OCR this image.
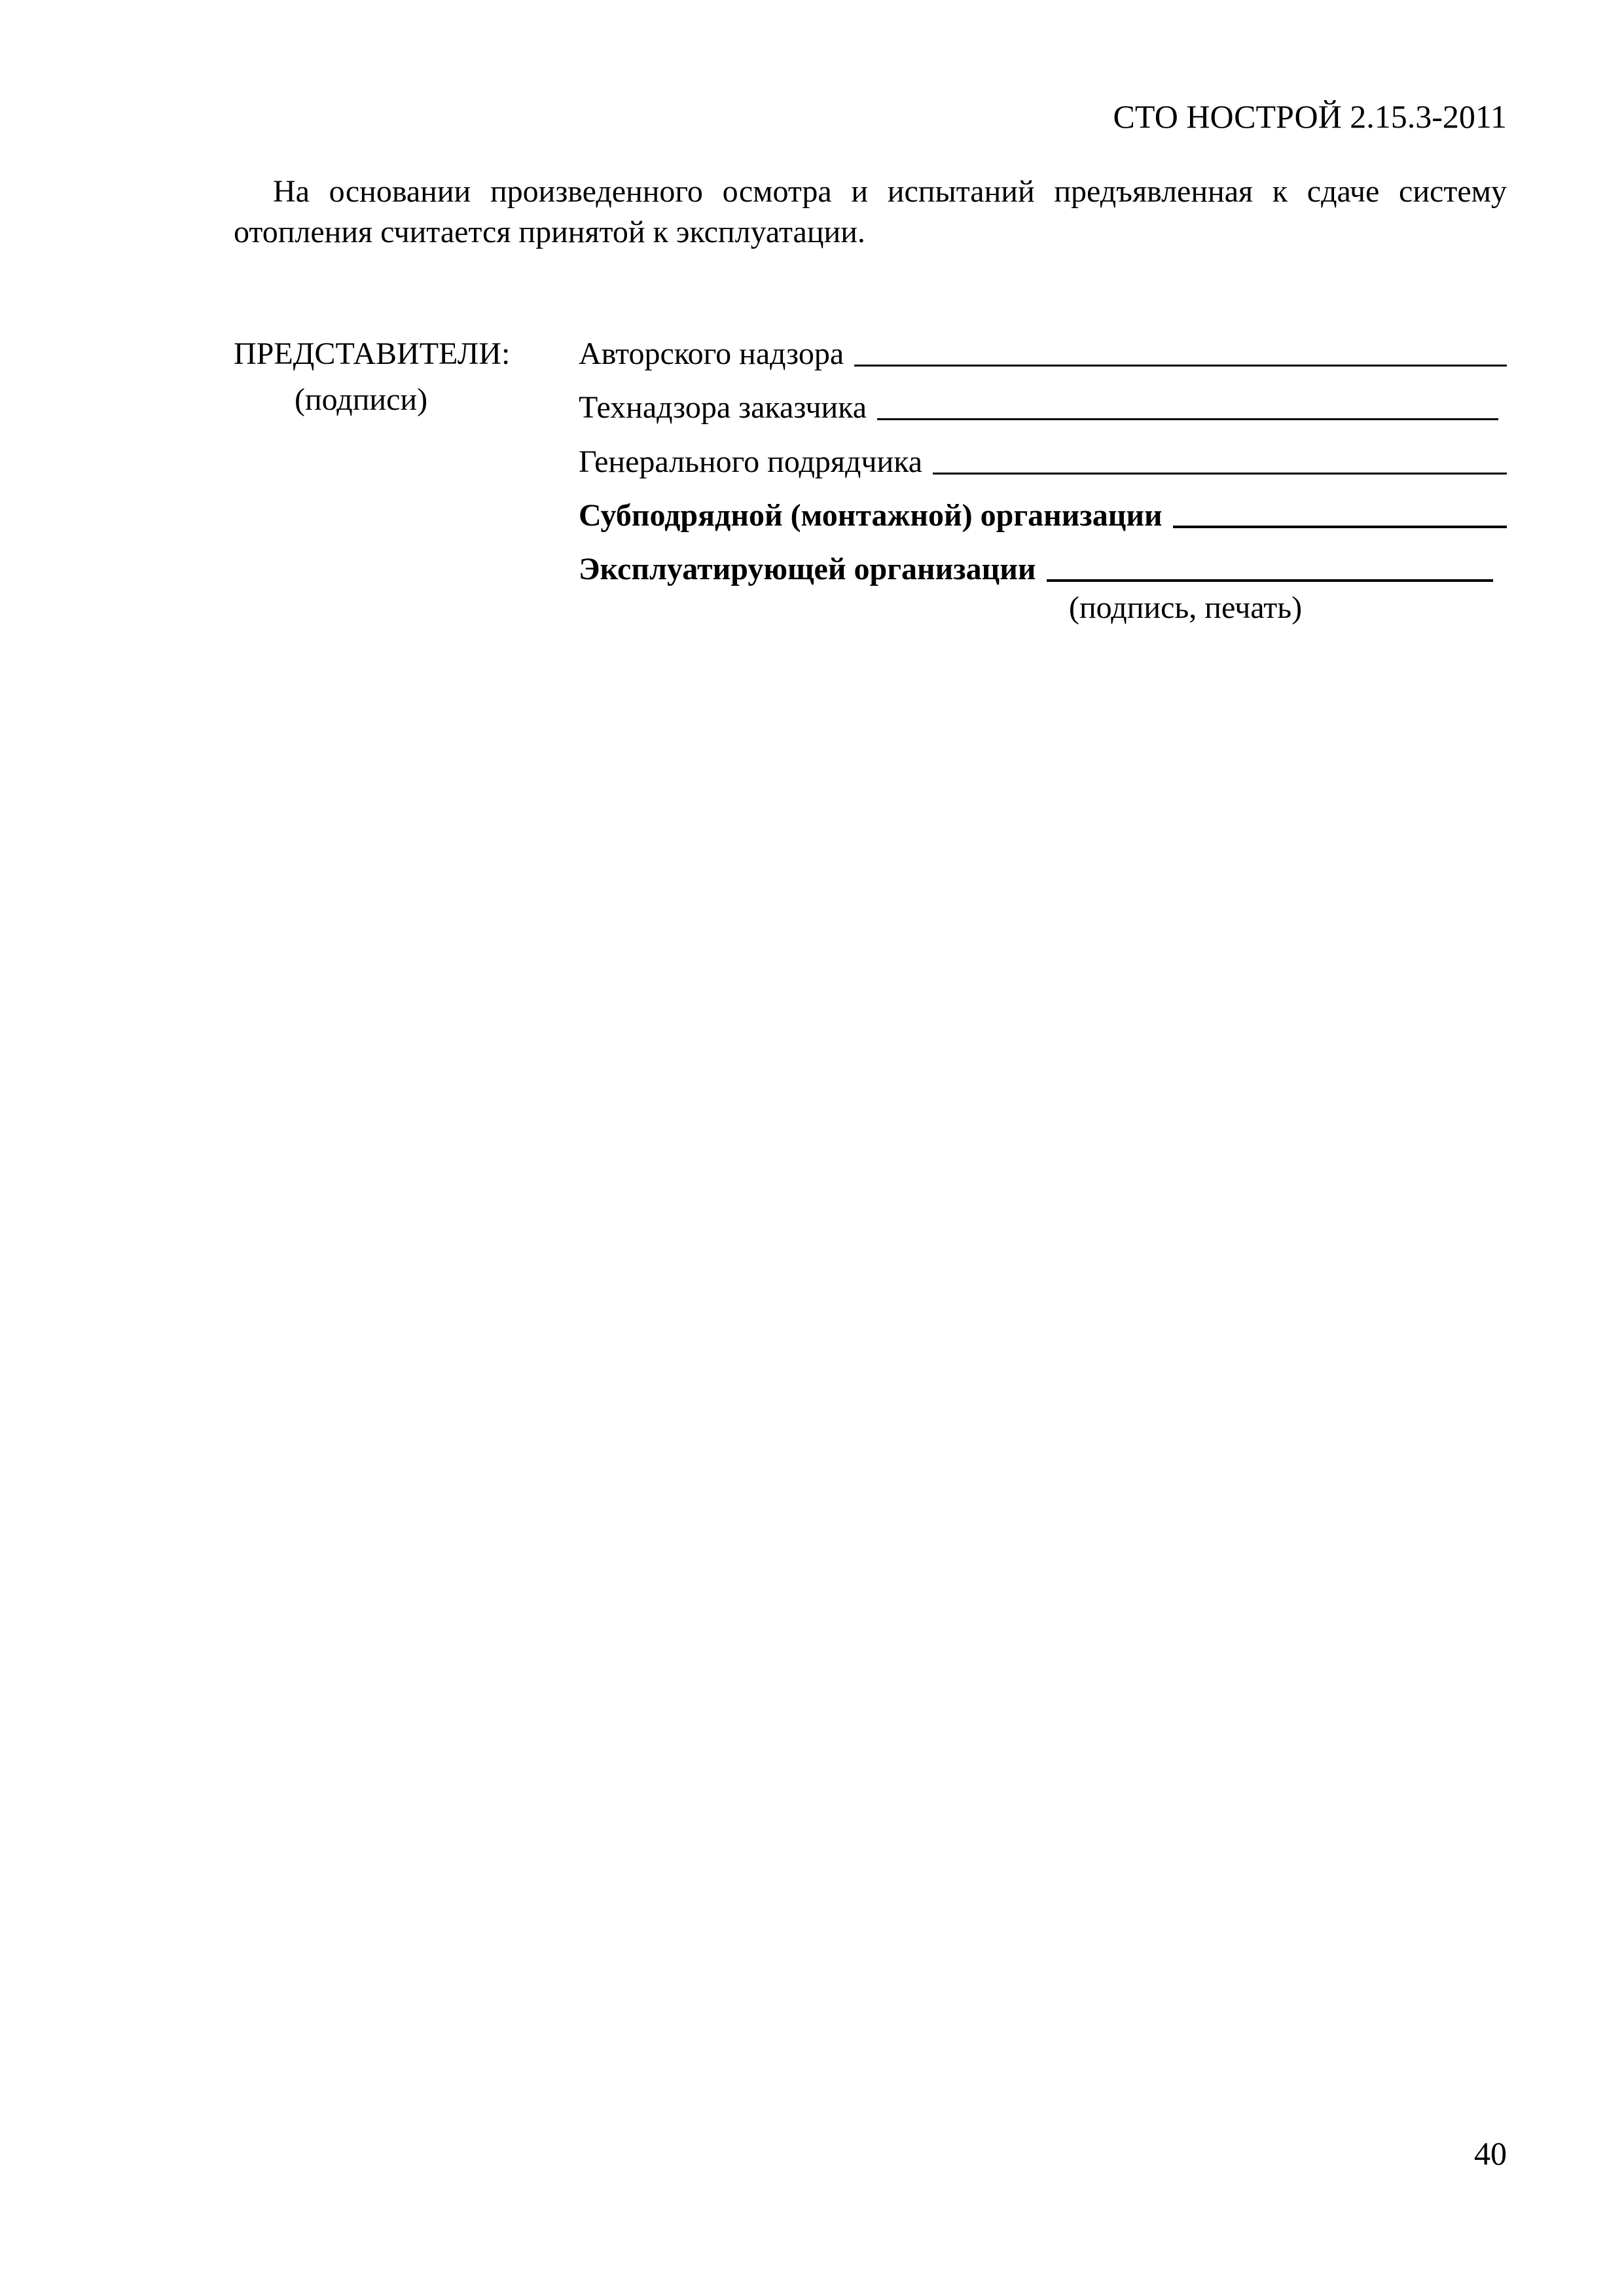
СТО НОСТРОЙ 2.15.3-2011

На основании произведенного осмотра и испытаний предъявленная к сдаче систему отопления считается принятой к эксплуатации.

ПРЕДСТАВИТЕЛИ:
(подписи)
Авторского надзора
Технадзора заказчика
Генерального подрядчика
Субподрядной (монтажной) организации
Эксплуатирующей организации
(подпись, печать)
40
